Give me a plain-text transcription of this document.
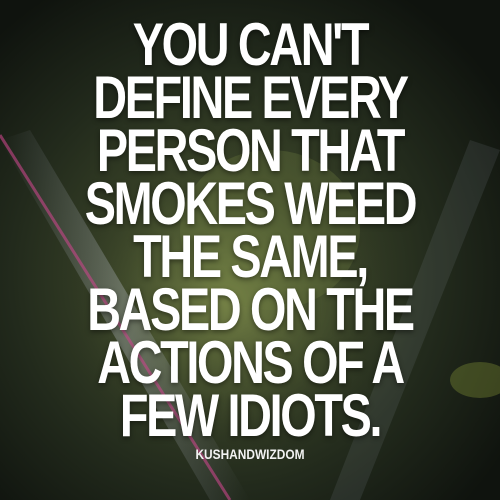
YOU CAN'T
DEFINE EVERY
PERSON THAT
SMOKES WEED
THE SAME,
BASED ON THE
ACTIONS OF A
FEW IDIOTS.
KUSHANDWIZDOM
